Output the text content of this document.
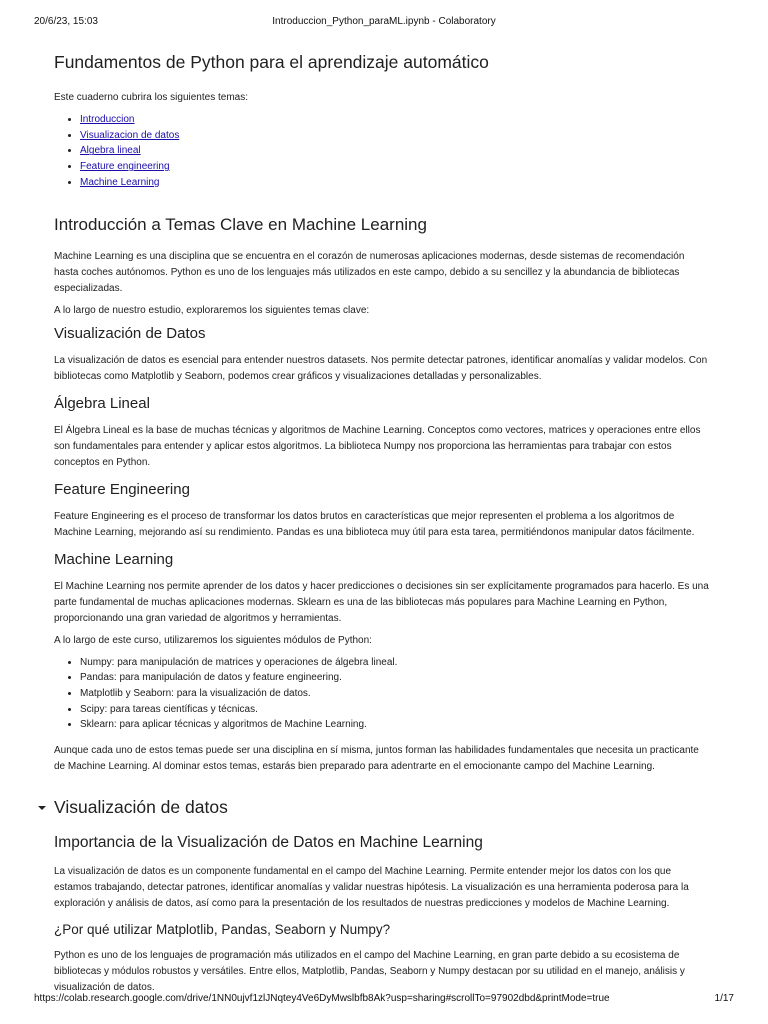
20/6/23, 15:03	Introduccion_Python_paraML.ipynb - Colaboratory
Fundamentos de Python para el aprendizaje automático

Este cuaderno cubrira los siguientes temas:

• Introduccion
• Visualizacion de datos
• Algebra lineal
• Feature engineering
• Machine Learning
Introducción a Temas Clave en Machine Learning

Machine Learning es una disciplina que se encuentra en el corazón de numerosas aplicaciones modernas, desde sistemas de recomendación hasta coches autónomos. Python es uno de los lenguajes más utilizados en este campo, debido a su sencillez y la abundancia de bibliotecas especializadas.

A lo largo de nuestro estudio, exploraremos los siguientes temas clave:

Visualización de Datos

La visualización de datos es esencial para entender nuestros datasets. Nos permite detectar patrones, identificar anomalías y validar modelos. Con bibliotecas como Matplotlib y Seaborn, podemos crear gráficos y visualizaciones detalladas y personalizables.

Álgebra Lineal

El Álgebra Lineal es la base de muchas técnicas y algoritmos de Machine Learning. Conceptos como vectores, matrices y operaciones entre ellos son fundamentales para entender y aplicar estos algoritmos. La biblioteca Numpy nos proporciona las herramientas para trabajar con estos conceptos en Python.

Feature Engineering

Feature Engineering es el proceso de transformar los datos brutos en características que mejor representen el problema a los algoritmos de Machine Learning, mejorando así su rendimiento. Pandas es una biblioteca muy útil para esta tarea, permitiéndonos manipular datos fácilmente.

Machine Learning

El Machine Learning nos permite aprender de los datos y hacer predicciones o decisiones sin ser explícitamente programados para hacerlo. Es una parte fundamental de muchas aplicaciones modernas. Sklearn es una de las bibliotecas más populares para Machine Learning en Python, proporcionando una gran variedad de algoritmos y herramientas.

A lo largo de este curso, utilizaremos los siguientes módulos de Python:

• Numpy: para manipulación de matrices y operaciones de álgebra lineal.
• Pandas: para manipulación de datos y feature engineering.
• Matplotlib y Seaborn: para la visualización de datos.
• Scipy: para tareas científicas y técnicas.
• Sklearn: para aplicar técnicas y algoritmos de Machine Learning.

Aunque cada uno de estos temas puede ser una disciplina en sí misma, juntos forman las habilidades fundamentales que necesita un practicante de Machine Learning. Al dominar estos temas, estarás bien preparado para adentrarte en el emocionante campo del Machine Learning.

Visualización de datos
Importancia de la Visualización de Datos en Machine Learning

La visualización de datos es un componente fundamental en el campo del Machine Learning. Permite entender mejor los datos con los que estamos trabajando, detectar patrones, identificar anomalías y validar nuestras hipótesis. La visualización es una herramienta poderosa para la exploración y análisis de datos, así como para la presentación de los resultados de nuestras predicciones y modelos de Machine Learning.

¿Por qué utilizar Matplotlib, Pandas, Seaborn y Numpy?

Python es uno de los lenguajes de programación más utilizados en el campo del Machine Learning, en gran parte debido a su ecosistema de bibliotecas y módulos robustos y versátiles. Entre ellos, Matplotlib, Pandas, Seaborn y Numpy destacan por su utilidad en el manejo, análisis y visualización de datos.

https://colab.research.google.com/drive/1NN0ujvf1zlJNqtey4Ve6DyMwslbfb8Ak?usp=sharing#scrollTo=97902dbd&printMode=true	1/17
